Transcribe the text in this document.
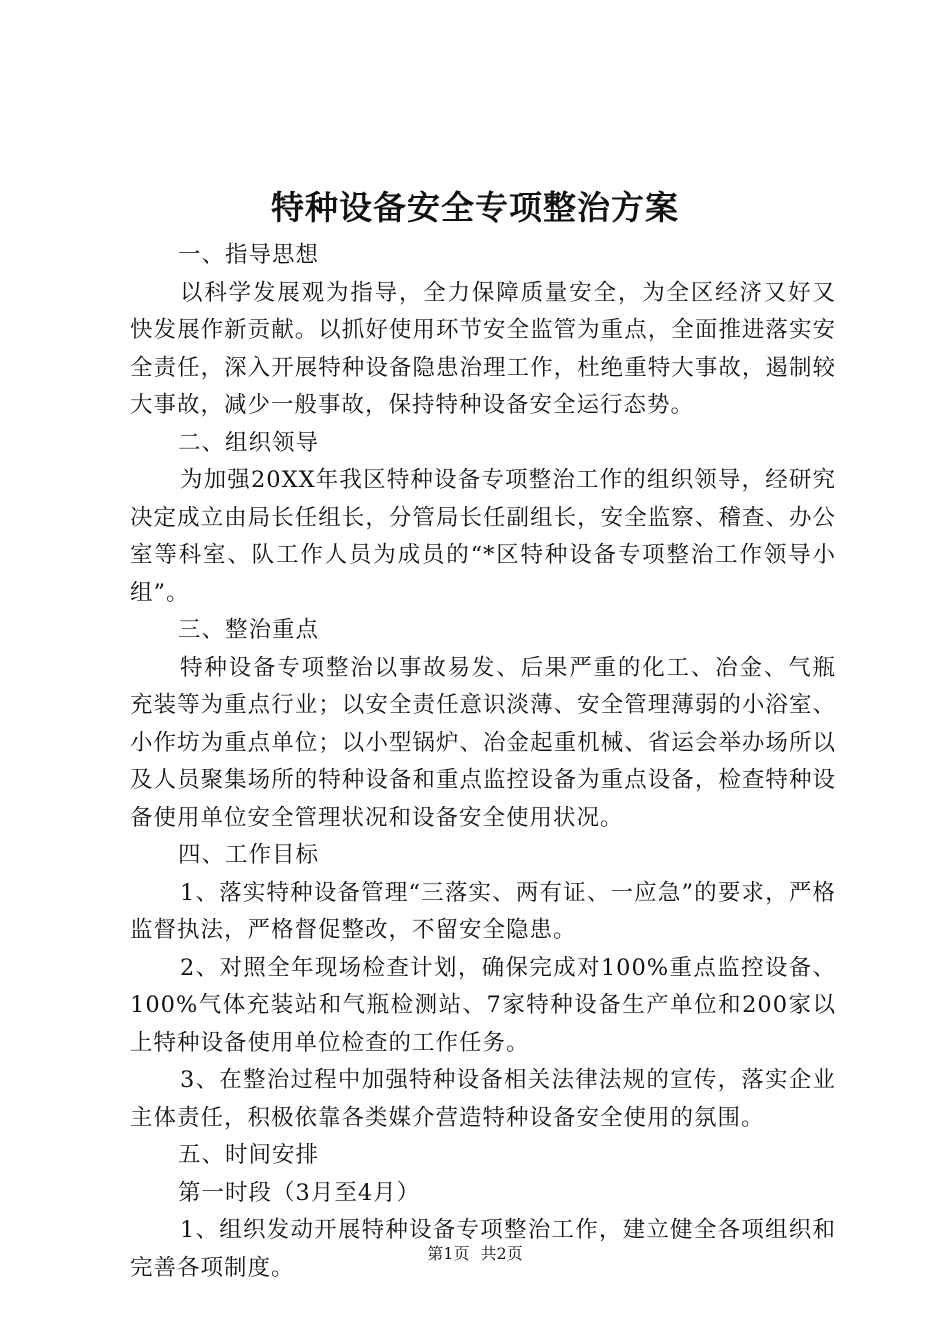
特种设备安全专项整治方案

一、指导思想

以科学发展观为指导，全力保障质量安全，为全区经济又好又快发展作新贡献。以抓好使用环节安全监管为重点，全面推进落实安全责任，深入开展特种设备隐患治理工作，杜绝重特大事故，遏制较大事故，减少一般事故，保持特种设备安全运行态势。

二、组织领导

为加强20XX年我区特种设备专项整治工作的组织领导，经研究决定成立由局长任组长，分管局长任副组长，安全监察、稽查、办公室等科室、队工作人员为成员的“*区特种设备专项整治工作领导小组”。

三、整治重点

特种设备专项整治以事故易发、后果严重的化工、冶金、气瓶充装等为重点行业；以安全责任意识淡薄、安全管理薄弱的小浴室、小作坊为重点单位；以小型锅炉、冶金起重机械、省运会举办场所以及人员聚集场所的特种设备和重点监控设备为重点设备，检查特种设备使用单位安全管理状况和设备安全使用状况。

四、工作目标

1、落实特种设备管理“三落实、两有证、一应急”的要求，严格监督执法，严格督促整改，不留安全隐患。

2、对照全年现场检查计划，确保完成对100%重点监控设备、100%气体充装站和气瓶检测站、7家特种设备生产单位和200家以上特种设备使用单位检查的工作任务。

3、在整治过程中加强特种设备相关法律法规的宣传，落实企业主体责任，积极依靠各类媒介营造特种设备安全使用的氛围。

五、时间安排

第一时段（3月至4月）

1、组织发动开展特种设备专项整治工作，建立健全各项组织和完善各项制度。

第1页 共2页
